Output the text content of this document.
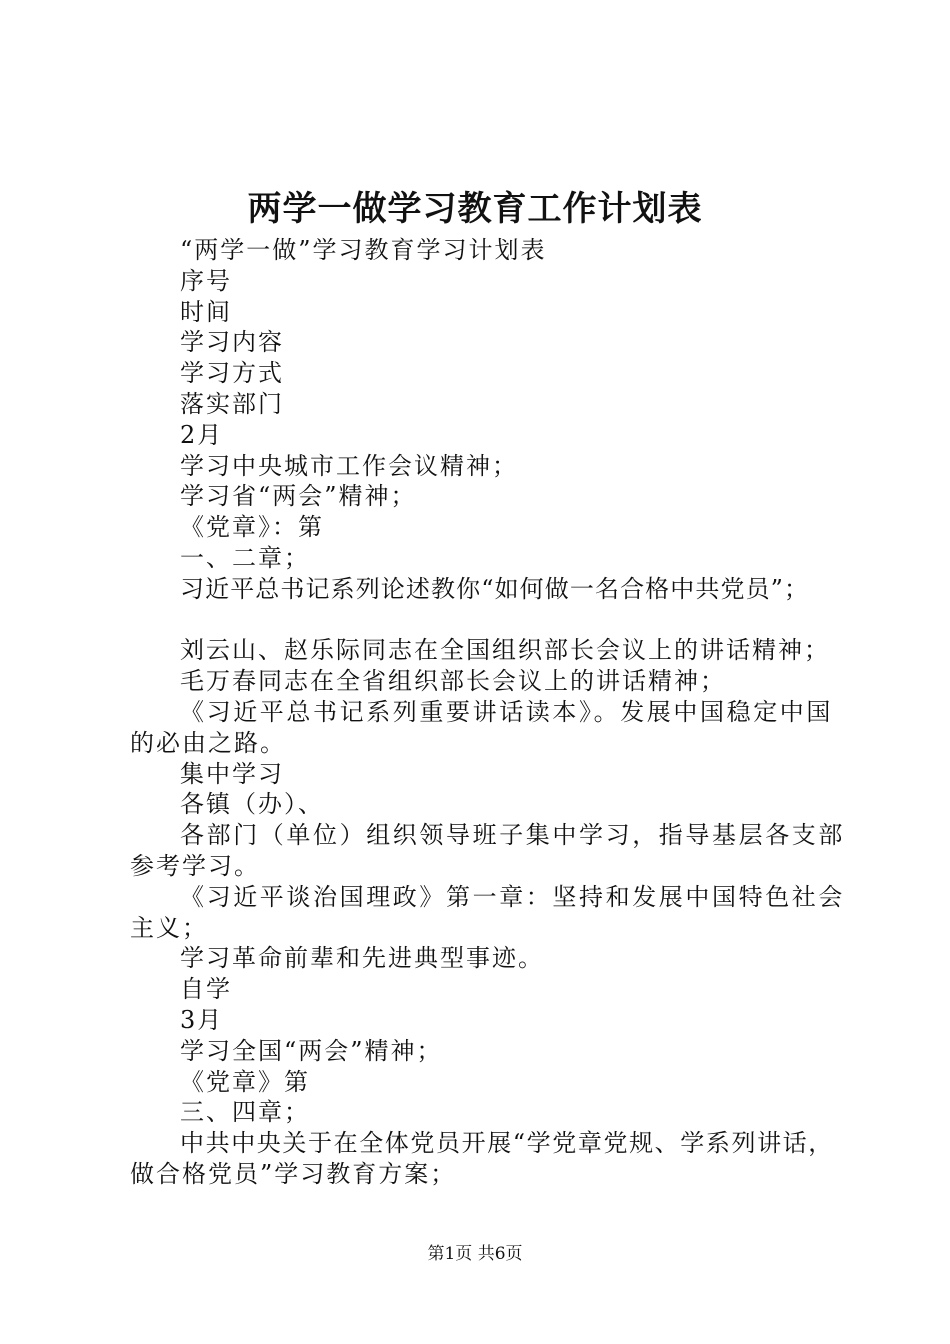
两学一做学习教育工作计划表
“两学一做”学习教育学习计划表
序号
时间
学习内容
学习方式
落实部门
2月
学习中央城市工作会议精神；
学习省“两会”精神；
《党章》：第
一、二章；
习近平总书记系列论述教你“如何做一名合格中共党员”；
刘云山、赵乐际同志在全国组织部长会议上的讲话精神；
毛万春同志在全省组织部长会议上的讲话精神；
《习近平总书记系列重要讲话读本》。发展中国稳定中国
的必由之路。
集中学习
各镇（办）、
各部门（单位）组织领导班子集中学习，指导基层各支部
参考学习。
《习近平谈治国理政》第一章：坚持和发展中国特色社会
主义；
学习革命前辈和先进典型事迹。
自学
3月
学习全国“两会”精神；
《党章》第
三、四章；
中共中央关于在全体党员开展“学党章党规、学系列讲话，
做合格党员”学习教育方案；
第1页 共6页
